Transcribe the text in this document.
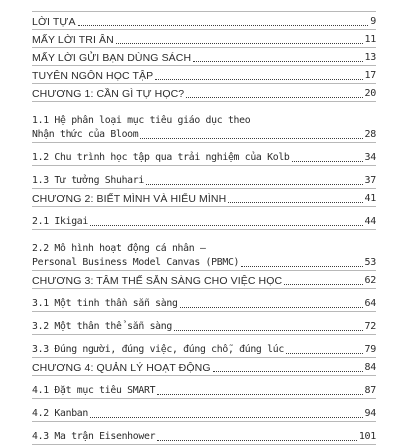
LỜI TỰA	9
MẤY LỜI TRI ÂN	11
MẤY LỜI GỬI BẠN DÙNG SÁCH	13
TUYÊN NGÔN HỌC TẬP	17
CHƯƠNG 1: CẦN GÌ TỰ HỌC?	20
1.1 Hệ phân loại mục tiêu giáo dục theo
Nhận thức của Bloom	28
1.2 Chu trình học tập qua trải nghiệm của Kolb	34
1.3 Tư tưởng Shuhari	37
CHƯƠNG 2: BIẾT MÌNH VÀ HIỂU MÌNH	41
2.1 Ikigai	44
2.2 Mô hình hoạt động cá nhân –
Personal Business Model Canvas (PBMC)	53
CHƯƠNG 3: TÂM THẾ SẴN SÀNG CHO VIỆC HỌC	62
3.1 Một tinh thần sẵn sàng	64
3.2 Một thân thể sẵn sàng	72
3.3 Đúng người, đúng việc, đúng chỗ, đúng lúc	79
CHƯƠNG 4: QUẢN LÝ HOẠT ĐỘNG	84
4.1 Đặt mục tiêu SMART	87
4.2 Kanban	94
4.3 Ma trận Eisenhower	101
